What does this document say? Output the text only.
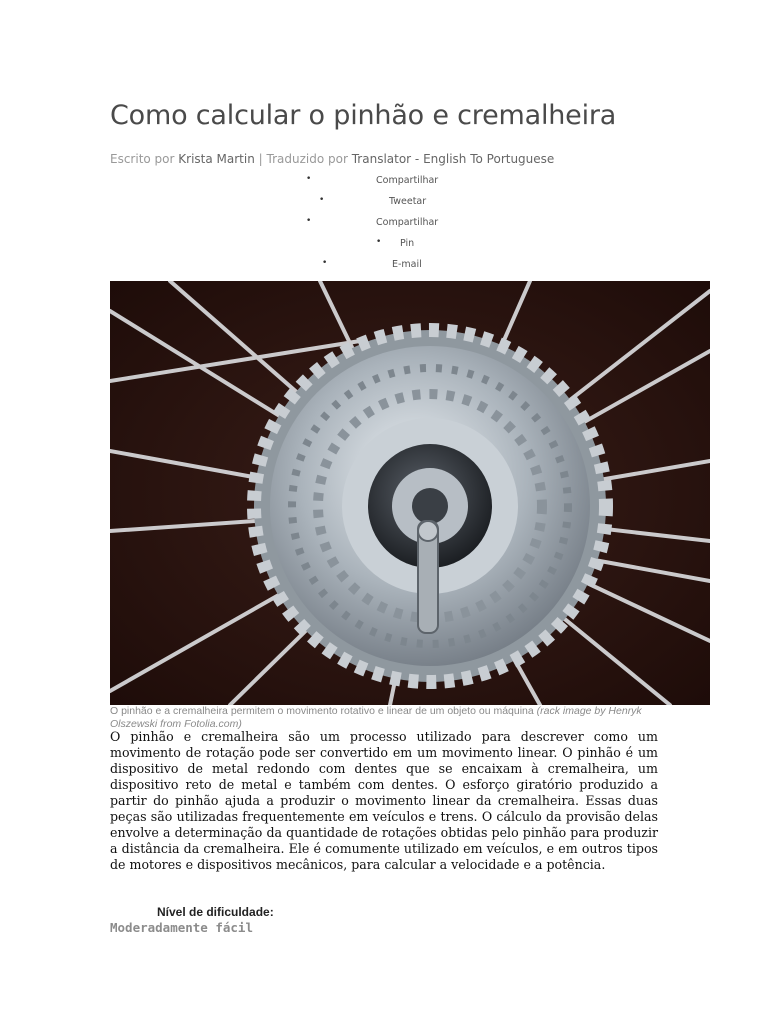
Como calcular o pinhão e cremalheira
Escrito por Krista Martin | Traduzido por Translator - English To Portuguese
•	Compartilhar
•	Tweetar
•	Compartilhar
• Pin
•	E-mail
O pinhão e a cremalheira permitem o movimento rotativo e linear de um objeto ou máquina (rack image by Henryk Olszewski from Fotolia.com)

O pinhão e cremalheira são um processo utilizado para descrever como um movimento de rotação pode ser convertido em um movimento linear. O pinhão é um dispositivo de metal redondo com dentes que se encaixam à cremalheira, um dispositivo reto de metal e também com dentes. O esforço giratório produzido a partir do pinhão ajuda a produzir o movimento linear da cremalheira. Essas duas peças são utilizadas frequentemente em veículos e trens. O cálculo da provisão delas envolve a determinação da quantidade de rotações obtidas pelo pinhão para produzir a distância da cremalheira. Ele é comumente utilizado em veículos, e em outros tipos de motores e dispositivos mecânicos, para calcular a velocidade e a potência.

Nível de dificuldade:
Moderadamente fácil
